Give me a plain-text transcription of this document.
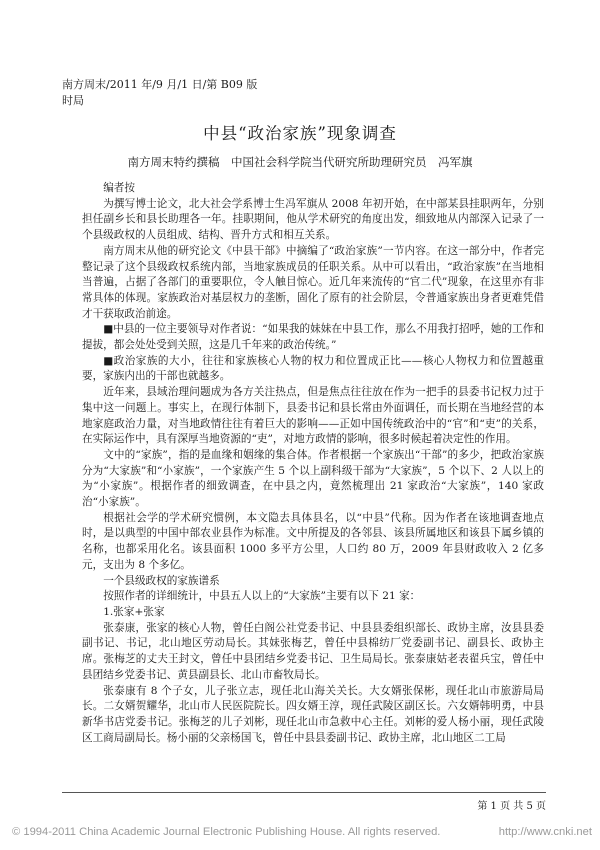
南方周末/2011 年/9 月/1 日/第 B09 版
时局
中县“政治家族”现象调查
南方周末特约撰稿　中国社会科学院当代研究所助理研究员　冯军旗

编者按

为撰写博士论文，北大社会学系博士生冯军旗从 2008 年初开始，在中部某县挂职两年，分别担任副乡长和县长助理各一年。挂职期间，他从学术研究的角度出发，细致地从内部深入记录了一个县级政权的人员组成、结构、晋升方式和相互关系。

南方周末从他的研究论文《中县干部》中摘编了“政治家族”一节内容。在这一部分中，作者完整记录了这个县级政权系统内部，当地家族成员的任职关系。从中可以看出，“政治家族”在当地相当普遍，占据了各部门的重要职位，令人触目惊心。近几年来流传的“官二代”现象，在这里亦有非常具体的体现。家族政治对基层权力的垄断，固化了原有的社会阶层，令普通家族出身者更难凭借才干获取政治前途。

■中县的一位主要领导对作者说：“如果我的妹妹在中县工作，那么不用我打招呼，她的工作和提拔，都会处处受到关照，这是几千年来的政治传统。”

■政治家族的大小，往往和家族核心人物的权力和位置成正比——核心人物权力和位置越重要，家族内出的干部也就越多。

近年来，县域治理问题成为各方关注热点，但是焦点往往放在作为一把手的县委书记权力过于集中这一问题上。事实上，在现行体制下，县委书记和县长常由外面调任，而长期在当地经营的本地家庭政治力量，对当地政情往往有着巨大的影响——正如中国传统政治中的“官”和“吏”的关系，在实际运作中，具有深厚当地资源的“吏”，对地方政情的影响，很多时候起着决定性的作用。

文中的“家族”，指的是血缘和姻缘的集合体。作者根据一个家族出“干部”的多少，把政治家族分为“大家族”和“小家族”，一个家族产生 5 个以上副科级干部为“大家族”，5 个以下、2 人以上的为“小家族”。根据作者的细致调查，在中县之内，竟然梳理出 21 家政治“大家族”，140 家政治“小家族”。

根据社会学的学术研究惯例，本文隐去具体县名，以“中县”代称。因为作者在该地调查地点时，是以典型的中国中部农业县作为标准。文中所提及的各邻县、该县所属地区和该县下属乡镇的名称，也都采用化名。该县面积 1000 多平方公里，人口约 80 万，2009 年县财政收入 2 亿多元，支出为 8 个多亿。

一个县级政权的家族谱系

按照作者的详细统计，中县五人以上的“大家族”主要有以下 21 家：

1.张家+张家

张泰康，张家的核心人物，曾任白阁公社党委书记、中县县委组织部长、政协主席，汝县县委副书记、书记，北山地区劳动局长。其妹张梅艺，曾任中县棉纺厂党委副书记、副县长、政协主席。张梅芝的丈夫王封文，曾任中县团结乡党委书记、卫生局局长。张泰康姑老表翟兵宝，曾任中县团结乡党委书记、黄县副县长、北山市畜牧局长。

张泰康有 8 个子女，儿子张立志，现任北山海关关长。大女婿张保彬，现任北山市旅游局局长。二女婿贺耀华，北山市人民医院院长。四女婿王淳，现任武陵区副区长。六女婿韩明勇，中县新华书店党委书记。张梅芝的儿子刘彬，现任北山市急救中心主任。刘彬的爱人杨小丽，现任武陵区工商局副局长。杨小丽的父亲杨国飞，曾任中县县委副书记、政协主席，北山地区二工局

第 1 页 共 5 页
© 1994-2011 China Academic Journal Electronic Publishing House. All rights reserved.	http://www.cnki.net
